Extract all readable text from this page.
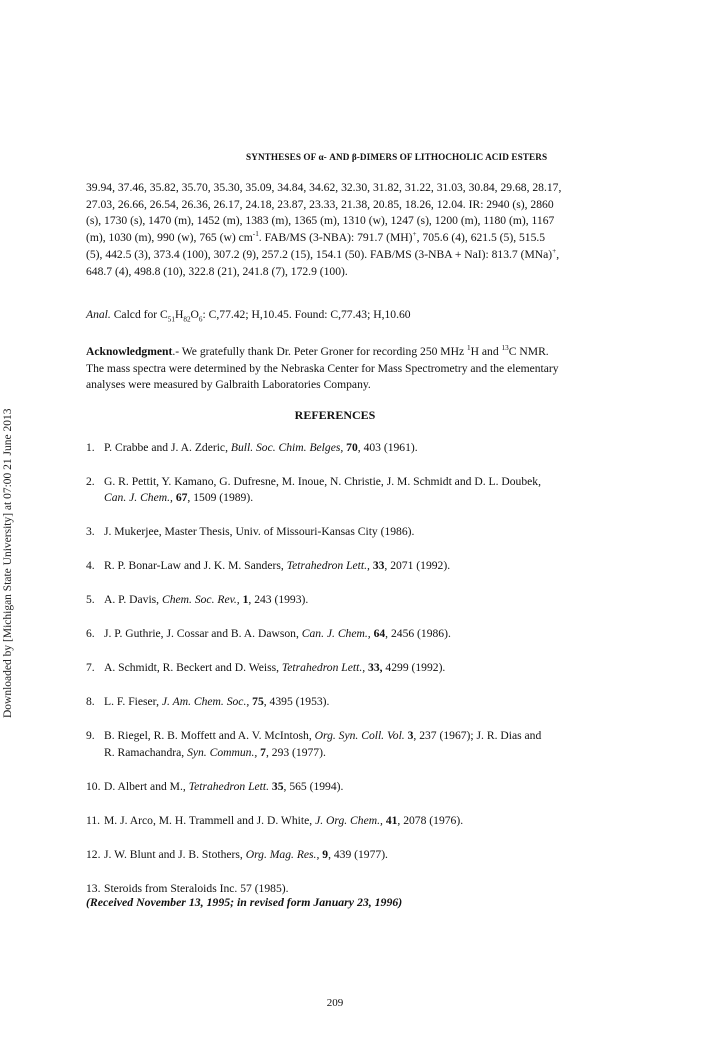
Downloaded by [Michigan State University] at 07:00 21 June 2013
SYNTHESES OF α- AND β-DIMERS OF LITHOCHOLIC ACID ESTERS
39.94, 37.46, 35.82, 35.70, 35.30, 35.09, 34.84, 34.62, 32.30, 31.82, 31.22, 31.03, 30.84, 29.68, 28.17,
27.03, 26.66, 26.54, 26.36, 26.17, 24.18, 23.87, 23.33, 21.38, 20.85, 18.26, 12.04. IR: 2940 (s), 2860
(s), 1730 (s), 1470 (m), 1452 (m), 1383 (m), 1365 (m), 1310 (w), 1247 (s), 1200 (m), 1180 (m), 1167
(m), 1030 (m), 990 (w), 765 (w) $cm^{-1}$. FAB/MS (3-NBA): 791.7 (MH)+, 705.6 (4), 621.5 (5), 515.5
(5), 442.5 (3), 373.4 (100), 307.2 (9), 257.2 (15), 154.1 (50). FAB/MS (3-NBA + NaI): 813.7 (MNa)+,
648.7 (4), 498.8 (10), 322.8 (21), 241.8 (7), 172.9 (100).
Anal. Calcd for $C_{51}H_{82}O_6$: C,77.42; H,10.45. Found: C,77.43; H,10.60
Acknowledgment.- We gratefully thank Dr. Peter Groner for recording 250 MHz $^1$H and $^{13}$C NMR.
The mass spectra were determined by the Nebraska Center for Mass Spectrometry and the elementary
analyses were measured by Galbraith Laboratories Company.
REFERENCES
1. P. Crabbe and J. A. Zderic, Bull. Soc. Chim. Belges, 70, 403 (1961).
2. G. R. Pettit, Y. Kamano, G. Dufresne, M. Inoue, N. Christie, J. M. Schmidt and D. L. Doubek,
Can. J. Chem., 67, 1509 (1989).
3. J. Mukerjee, Master Thesis, Univ. of Missouri-Kansas City (1986).
4. R. P. Bonar-Law and J. K. M. Sanders, Tetrahedron Lett., 33, 2071 (1992).
5. A. P. Davis, Chem. Soc. Rev., 1, 243 (1993).
6. J. P. Guthrie, J. Cossar and B. A. Dawson, Can. J. Chem., 64, 2456 (1986).
7. A. Schmidt, R. Beckert and D. Weiss, Tetrahedron Lett., 33, 4299 (1992).
8. L. F. Fieser, J. Am. Chem. Soc., 75, 4395 (1953).
9. B. Riegel, R. B. Moffett and A. V. McIntosh, Org. Syn. Coll. Vol. 3, 237 (1967); J. R. Dias and
R. Ramachandra, Syn. Commun., 7, 293 (1977).
10. D. Albert and M., Tetrahedron Lett. 35, 565 (1994).
11. M. J. Arco, M. H. Trammell and J. D. White, J. Org. Chem., 41, 2078 (1976).
12. J. W. Blunt and J. B. Stothers, Org. Mag. Res., 9, 439 (1977).
13. Steroids from Steraloids Inc. 57 (1985).
(Received November 13, 1995; in revised form January 23, 1996)
209
